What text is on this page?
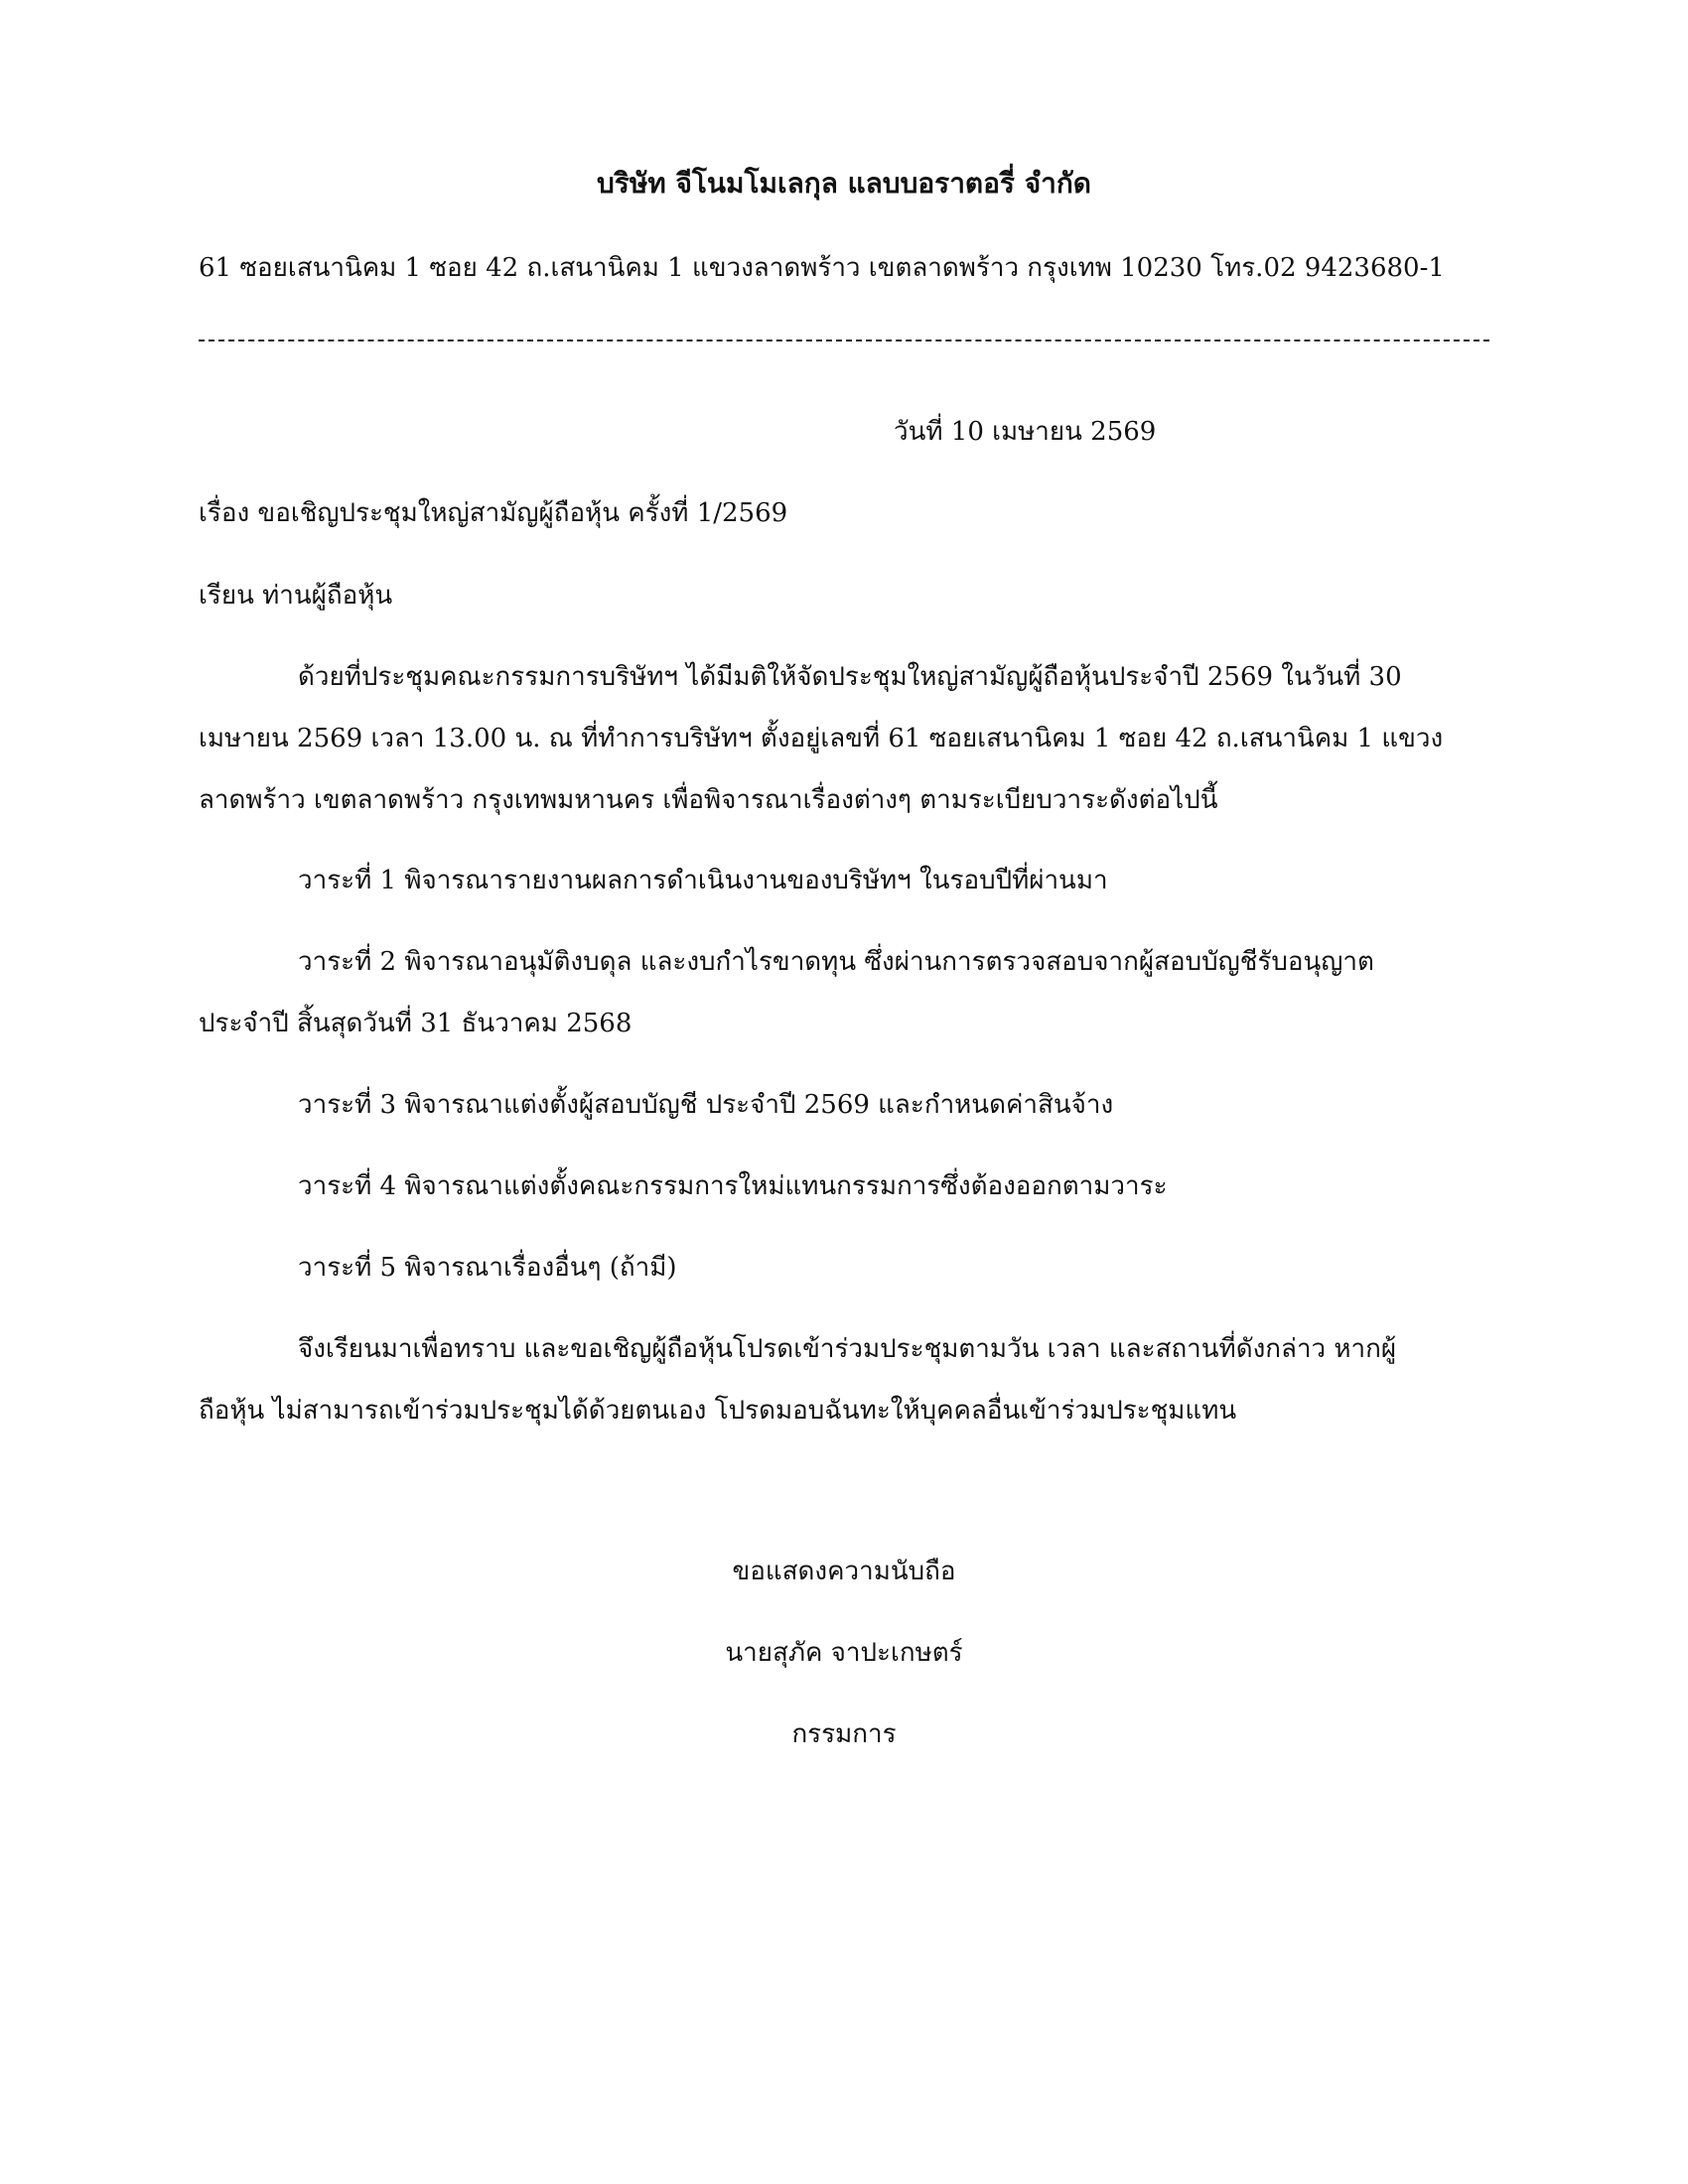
บริษัท จีโนมโมเลกุล แลบบอราตอรี่ จำกัด

61 ซอยเสนานิคม 1 ซอย 42 ถ.เสนานิคม 1 แขวงลาดพร้าว เขตลาดพร้าว กรุงเทพ 10230 โทร.02 9423680-1

วันที่ 10 เมษายน 2569

เรื่อง ขอเชิญประชุมใหญ่สามัญผู้ถือหุ้น ครั้งที่ 1/2569

เรียน ท่านผู้ถือหุ้น

ด้วยที่ประชุมคณะกรรมการบริษัทฯ ได้มีมติให้จัดประชุมใหญ่สามัญผู้ถือหุ้นประจำปี 2569 ในวันที่ 30
เมษายน 2569 เวลา 13.00 น. ณ ที่ทำการบริษัทฯ ตั้งอยู่เลขที่ 61 ซอยเสนานิคม 1 ซอย 42 ถ.เสนานิคม 1 แขวง
ลาดพร้าว เขตลาดพร้าว กรุงเทพมหานคร เพื่อพิจารณาเรื่องต่างๆ ตามระเบียบวาระดังต่อไปนี้

วาระที่ 1 พิจารณารายงานผลการดำเนินงานของบริษัทฯ ในรอบปีที่ผ่านมา

วาระที่ 2 พิจารณาอนุมัติงบดุล และงบกำไรขาดทุน ซึ่งผ่านการตรวจสอบจากผู้สอบบัญชีรับอนุญาต
ประจำปี สิ้นสุดวันที่ 31 ธันวาคม 2568

วาระที่ 3 พิจารณาแต่งตั้งผู้สอบบัญชี ประจำปี 2569 และกำหนดค่าสินจ้าง

วาระที่ 4 พิจารณาแต่งตั้งคณะกรรมการใหม่แทนกรรมการซึ่งต้องออกตามวาระ

วาระที่ 5 พิจารณาเรื่องอื่นๆ (ถ้ามี)

จึงเรียนมาเพื่อทราบ และขอเชิญผู้ถือหุ้นโปรดเข้าร่วมประชุมตามวัน เวลา และสถานที่ดังกล่าว หากผู้
ถือหุ้น ไม่สามารถเข้าร่วมประชุมได้ด้วยตนเอง โปรดมอบฉันทะให้บุคคลอื่นเข้าร่วมประชุมแทน

ขอแสดงความนับถือ

นายสุภัค จาปะเกษตร์

กรรมการ
